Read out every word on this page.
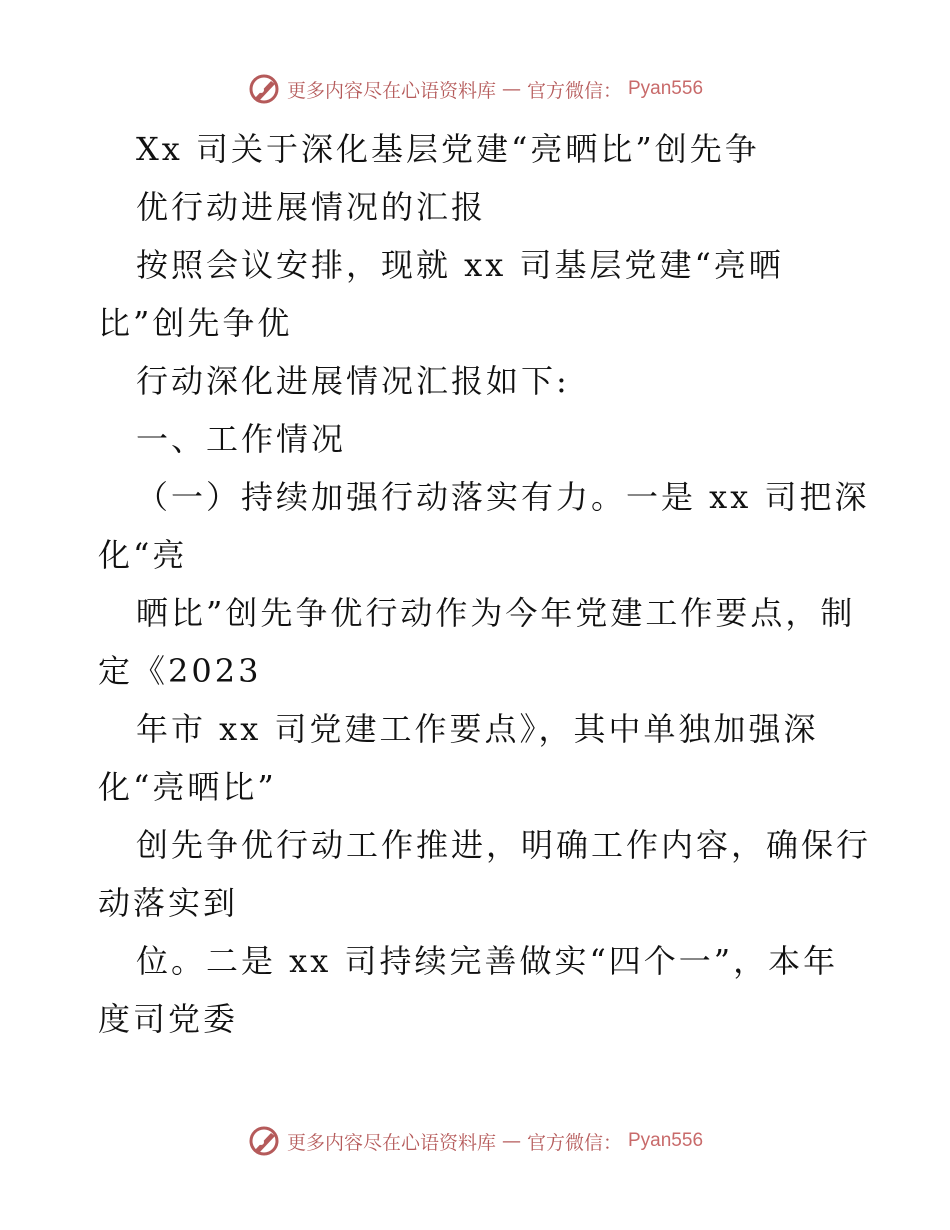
更多内容尽在心语资料库 — 官方微信： Pyan556
Xx 司关于深化基层党建“亮晒比”创先争
优行动进展情况的汇报
按照会议安排，现就 xx 司基层党建“亮晒
比”创先争优
行动深化进展情况汇报如下:
一、工作情况
（一）持续加强行动落实有力。一是 xx 司把深
化“亮
晒比”创先争优行动作为今年党建工作要点，制
定《2023
年市 xx 司党建工作要点》，其中单独加强深
化“亮晒比”
创先争优行动工作推进，明确工作内容，确保行
动落实到
位。二是 xx 司持续完善做实“四个一”，本年
度司党委
更多内容尽在心语资料库 — 官方微信： Pyan556
